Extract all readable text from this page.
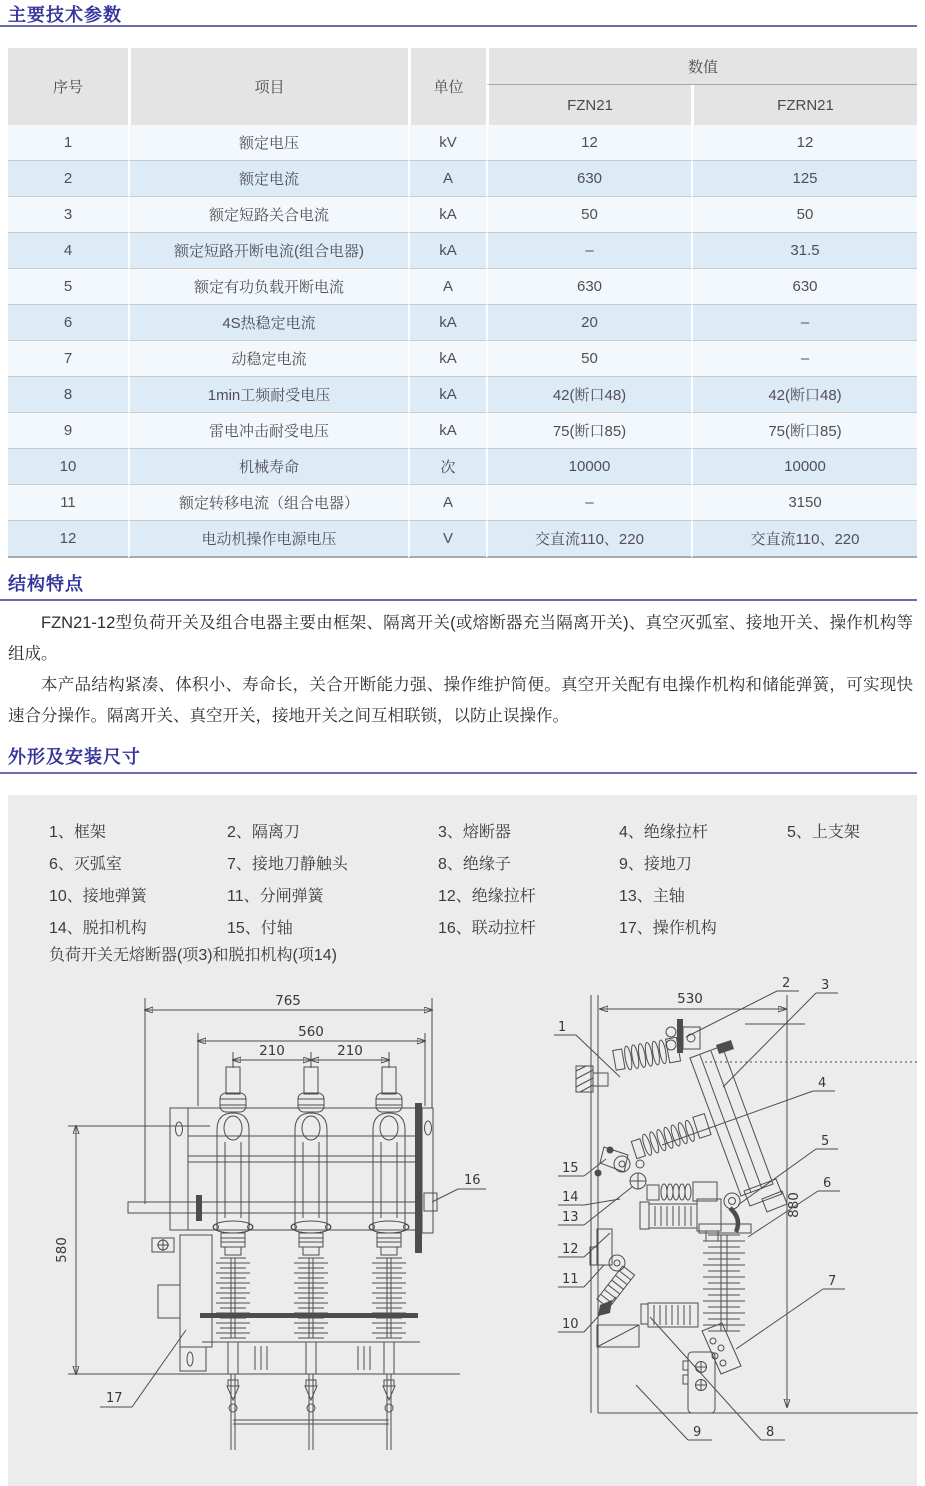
主要技术参数
序号	项目	单位	数值	
			FZN21	FZRN21
1	额定电压	kV	12	12
2	额定电流	A	630	125
3	额定短路关合电流	kA	50	50
4	额定短路开断电流(组合电器)	kA	–	31.5
5	额定有功负载开断电流	A	630	630
6	4S热稳定电流	kA	20	–
7	动稳定电流	kA	50	–
8	1min工频耐受电压	kA	42(断口48)	42(断口48)
9	雷电冲击耐受电压	kA	75(断口85)	75(断口85)
10	机械寿命	次	10000	10000
11	额定转移电流（组合电器）	A	–	3150
12	电动机操作电源电压	V	交直流110、220	交直流110、220
结构特点

FZN21-12型负荷开关及组合电器主要由框架、隔离开关(或熔断器充当隔离开关)、真空灭弧室、接地开关、操作机构等组成。

本产品结构紧凑、体积小、寿命长，关合开断能力强、操作维护简便。真空开关配有电操作机构和储能弹簧，可实现快速合分操作。隔离开关、真空开关，接地开关之间互相联锁，以防止误操作。

外形及安装尺寸
1、框架	2、隔离刀	3、熔断器	4、绝缘拉杆	5、上支架
6、灭弧室	7、接地刀静触头	8、绝缘子	9、接地刀
10、接地弹簧	11、分闸弹簧	12、绝缘拉杆	13、主轴
14、脱扣机构	15、付轴	16、联动拉杆	17、操作机构
负荷开关无熔断器(项3)和脱扣机构(项14)
765
560
210	210
580
16
17
530
880
1
2 3
4
5
6
7
15
14
13
12
11
10
9	8
